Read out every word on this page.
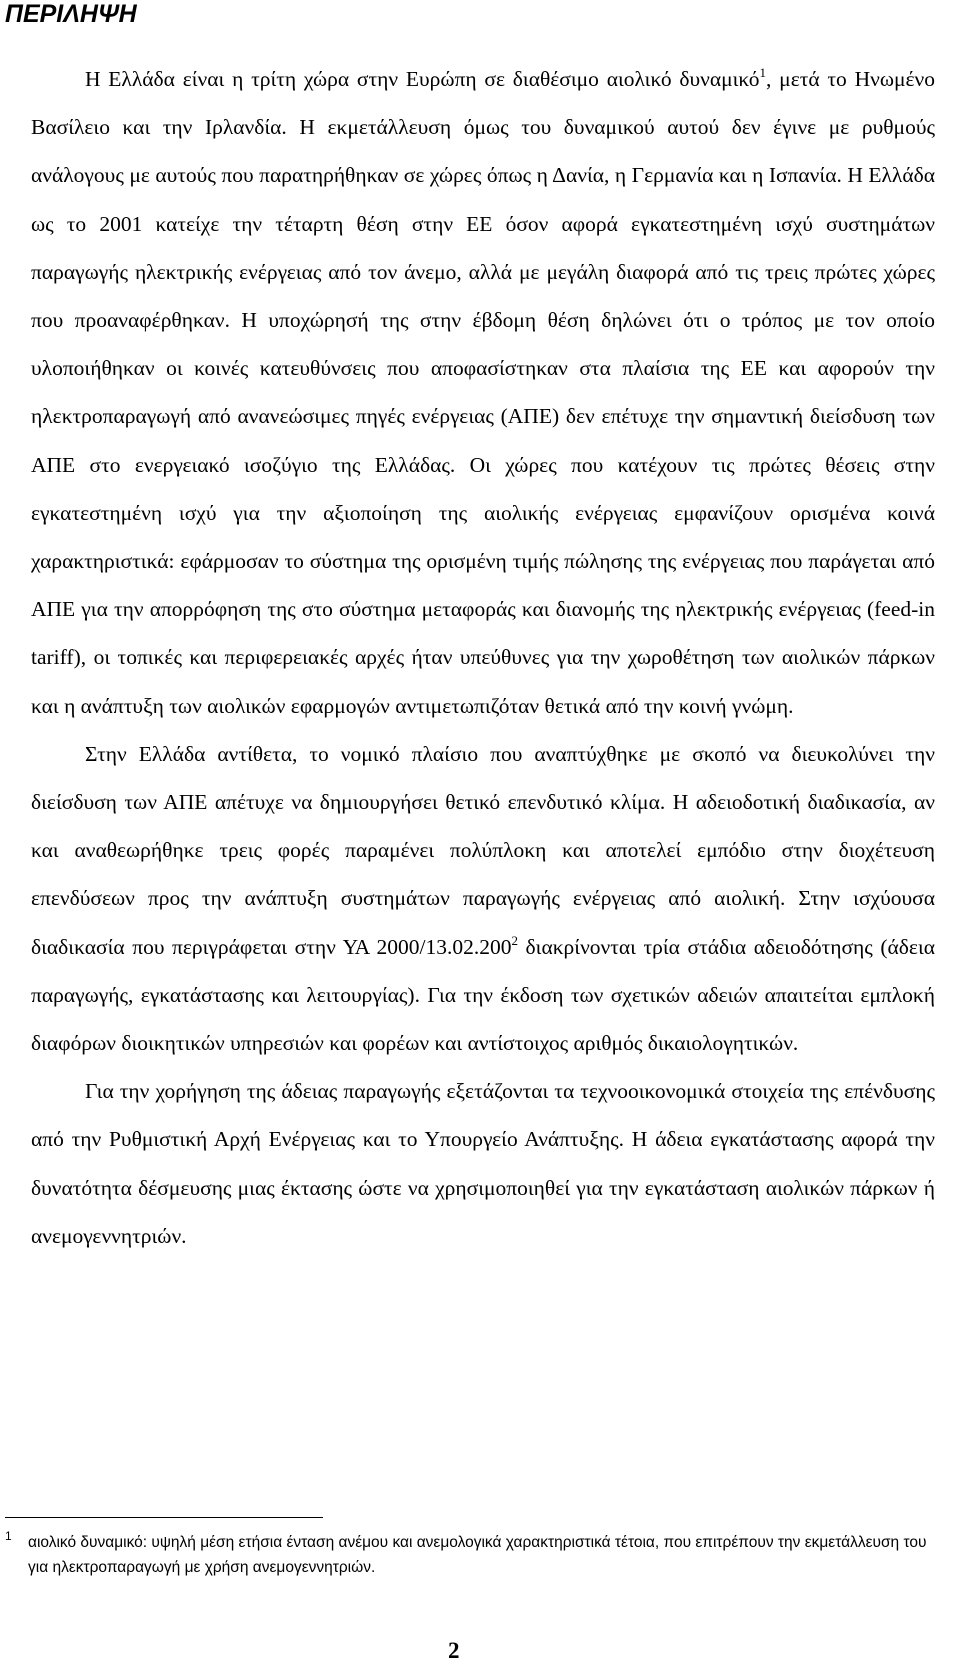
ΠΕΡΙΛΗΨΗ

Η Ελλάδα είναι η τρίτη χώρα στην Ευρώπη σε διαθέσιμο αιολικό δυναμικό$^1$, μετά το Ηνωμένο Βασίλειο και την Ιρλανδία. Η εκμετάλλευση όμως του δυναμικού αυτού δεν έγινε με ρυθμούς ανάλογους με αυτούς που παρατηρήθηκαν σε χώρες όπως η Δανία, η Γερμανία και η Ισπανία. Η Ελλάδα ως το 2001 κατείχε την τέταρτη θέση στην ΕΕ όσον αφορά εγκατεστημένη ισχύ συστημάτων παραγωγής ηλεκτρικής ενέργειας από τον άνεμο, αλλά με μεγάλη διαφορά από τις τρεις πρώτες χώρες που προαναφέρθηκαν. Η υποχώρησή της στην έβδομη θέση δηλώνει ότι ο τρόπος με τον οποίο υλοποιήθηκαν οι κοινές κατευθύνσεις που αποφασίστηκαν στα πλαίσια της ΕΕ και αφορούν την ηλεκτροπαραγωγή από ανανεώσιμες πηγές ενέργειας (ΑΠΕ) δεν επέτυχε την σημαντική διείσδυση των ΑΠΕ στο ενεργειακό ισοζύγιο της Ελλάδας. Οι χώρες που κατέχουν τις πρώτες θέσεις στην εγκατεστημένη ισχύ για την αξιοποίηση της αιολικής ενέργειας εμφανίζουν ορισμένα κοινά χαρακτηριστικά: εφάρμοσαν το σύστημα της ορισμένη τιμής πώλησης της ενέργειας που παράγεται από ΑΠΕ για την απορρόφηση της στο σύστημα μεταφοράς και διανομής της ηλεκτρικής ενέργειας (feed-in tariff), οι τοπικές και περιφερειακές αρχές ήταν υπεύθυνες για την χωροθέτηση των αιολικών πάρκων και η ανάπτυξη των αιολικών εφαρμογών αντιμετωπιζόταν θετικά από την κοινή γνώμη.

Στην Ελλάδα αντίθετα, το νομικό πλαίσιο που αναπτύχθηκε με σκοπό να διευκολύνει την διείσδυση των ΑΠΕ απέτυχε να δημιουργήσει θετικό επενδυτικό κλίμα. Η αδειοδοτική διαδικασία, αν και αναθεωρήθηκε τρεις φορές παραμένει πολύπλοκη και αποτελεί εμπόδιο στην διοχέτευση επενδύσεων προς την ανάπτυξη συστημάτων παραγωγής ενέργειας από αιολική. Στην ισχύουσα διαδικασία που περιγράφεται στην ΥΑ 2000/13.02.200$^2$ διακρίνονται τρία στάδια αδειοδότησης (άδεια παραγωγής, εγκατάστασης και λειτουργίας). Για την έκδοση των σχετικών αδειών απαιτείται εμπλοκή διαφόρων διοικητικών υπηρεσιών και φορέων και αντίστοιχος αριθμός δικαιολογητικών.

Για την χορήγηση της άδειας παραγωγής εξετάζονται τα τεχνοοικονομικά στοιχεία της επένδυσης από την Ρυθμιστική Αρχή Ενέργειας και το Υπουργείο Ανάπτυξης. Η άδεια εγκατάστασης αφορά την δυνατότητα δέσμευσης μιας έκτασης ώστε να χρησιμοποιηθεί για την εγκατάσταση αιολικών πάρκων ή ανεμογεννητριών.

1 αιολικό δυναμικό: υψηλή μέση ετήσια ένταση ανέμου και ανεμολογικά χαρακτηριστικά τέτοια, που επιτρέπουν την εκμετάλλευση του για ηλεκτροπαραγωγή με χρήση ανεμογεννητριών.
2
